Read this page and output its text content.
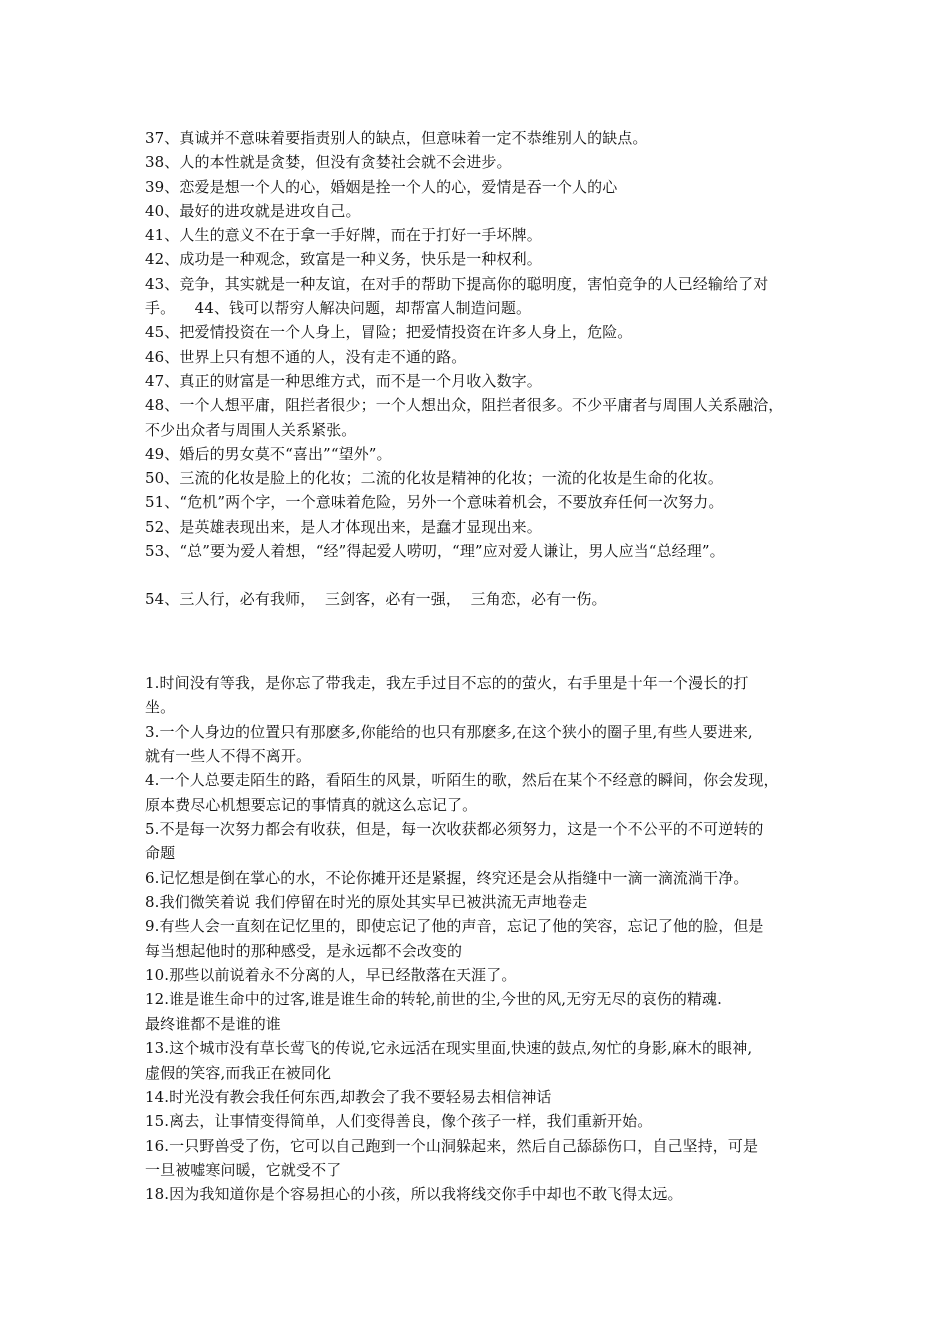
37、真诚并不意味着要指责别人的缺点，但意味着一定不恭维别人的缺点。
38、人的本性就是贪婪，但没有贪婪社会就不会进步。
39、恋爱是想一个人的心，婚姻是拴一个人的心，爱情是吞一个人的心
40、最好的进攻就是进攻自己。
41、人生的意义不在于拿一手好牌，而在于打好一手坏牌。
42、成功是一种观念，致富是一种义务，快乐是一种权利。
43、竞争，其实就是一种友谊，在对手的帮助下提高你的聪明度，害怕竞争的人已经输给了对
手。    44、钱可以帮穷人解决问题，却帮富人制造问题。
45、把爱情投资在一个人身上，冒险；把爱情投资在许多人身上，危险。
46、世界上只有想不通的人，没有走不通的路。
47、真正的财富是一种思维方式，而不是一个月收入数字。
48、一个人想平庸，阻拦者很少；一个人想出众，阻拦者很多。不少平庸者与周围人关系融洽，
不少出众者与周围人关系紧张。
49、婚后的男女莫不“喜出”“望外”。
50、三流的化妆是脸上的化妆；二流的化妆是精神的化妆；一流的化妆是生命的化妆。
51、“危机”两个字，一个意味着危险，另外一个意味着机会，不要放弃任何一次努力。
52、是英雄表现出来，是人才体现出来，是蠢才显现出来。
53、“总”要为爱人着想，“经”得起爱人唠叨，“理”应对爱人谦让，男人应当“总经理”。
54、三人行，必有我师，  三剑客，必有一强，  三角恋，必有一伤。
1.时间没有等我，是你忘了带我走，我左手过目不忘的的萤火，右手里是十年一个漫长的打
坐。
3.一个人身边的位置只有那麽多,你能给的也只有那麽多,在这个狭小的圈子里,有些人要进来,
就有一些人不得不离开。
4.一个人总要走陌生的路，看陌生的风景，听陌生的歌，然后在某个不经意的瞬间，你会发现，
原本费尽心机想要忘记的事情真的就这么忘记了。
5.不是每一次努力都会有收获，但是，每一次收获都必须努力，这是一个不公平的不可逆转的
命题
6.记忆想是倒在掌心的水，不论你摊开还是紧握，终究还是会从指缝中一滴一滴流淌干净。
8.我们微笑着说 我们停留在时光的原处其实早已被洪流无声地卷走
9.有些人会一直刻在记忆里的，即使忘记了他的声音，忘记了他的笑容，忘记了他的脸，但是
每当想起他时的那种感受，是永远都不会改变的
10.那些以前说着永不分离的人，早已经散落在天涯了。
12.谁是谁生命中的过客,谁是谁生命的转轮,前世的尘,今世的风,无穷无尽的哀伤的精魂.
最终谁都不是谁的谁
13.这个城市没有草长莺飞的传说,它永远活在现实里面,快速的鼓点,匆忙的身影,麻木的眼神,
虚假的笑容,而我正在被同化
14.时光没有教会我任何东西,却教会了我不要轻易去相信神话
15.离去，让事情变得简单，人们变得善良，像个孩子一样，我们重新开始。
16.一只野兽受了伤，它可以自己跑到一个山洞躲起来，然后自己舔舔伤口，自己坚持，可是
一旦被嘘寒问暖，它就受不了
18.因为我知道你是个容易担心的小孩，所以我将线交你手中却也不敢飞得太远。
